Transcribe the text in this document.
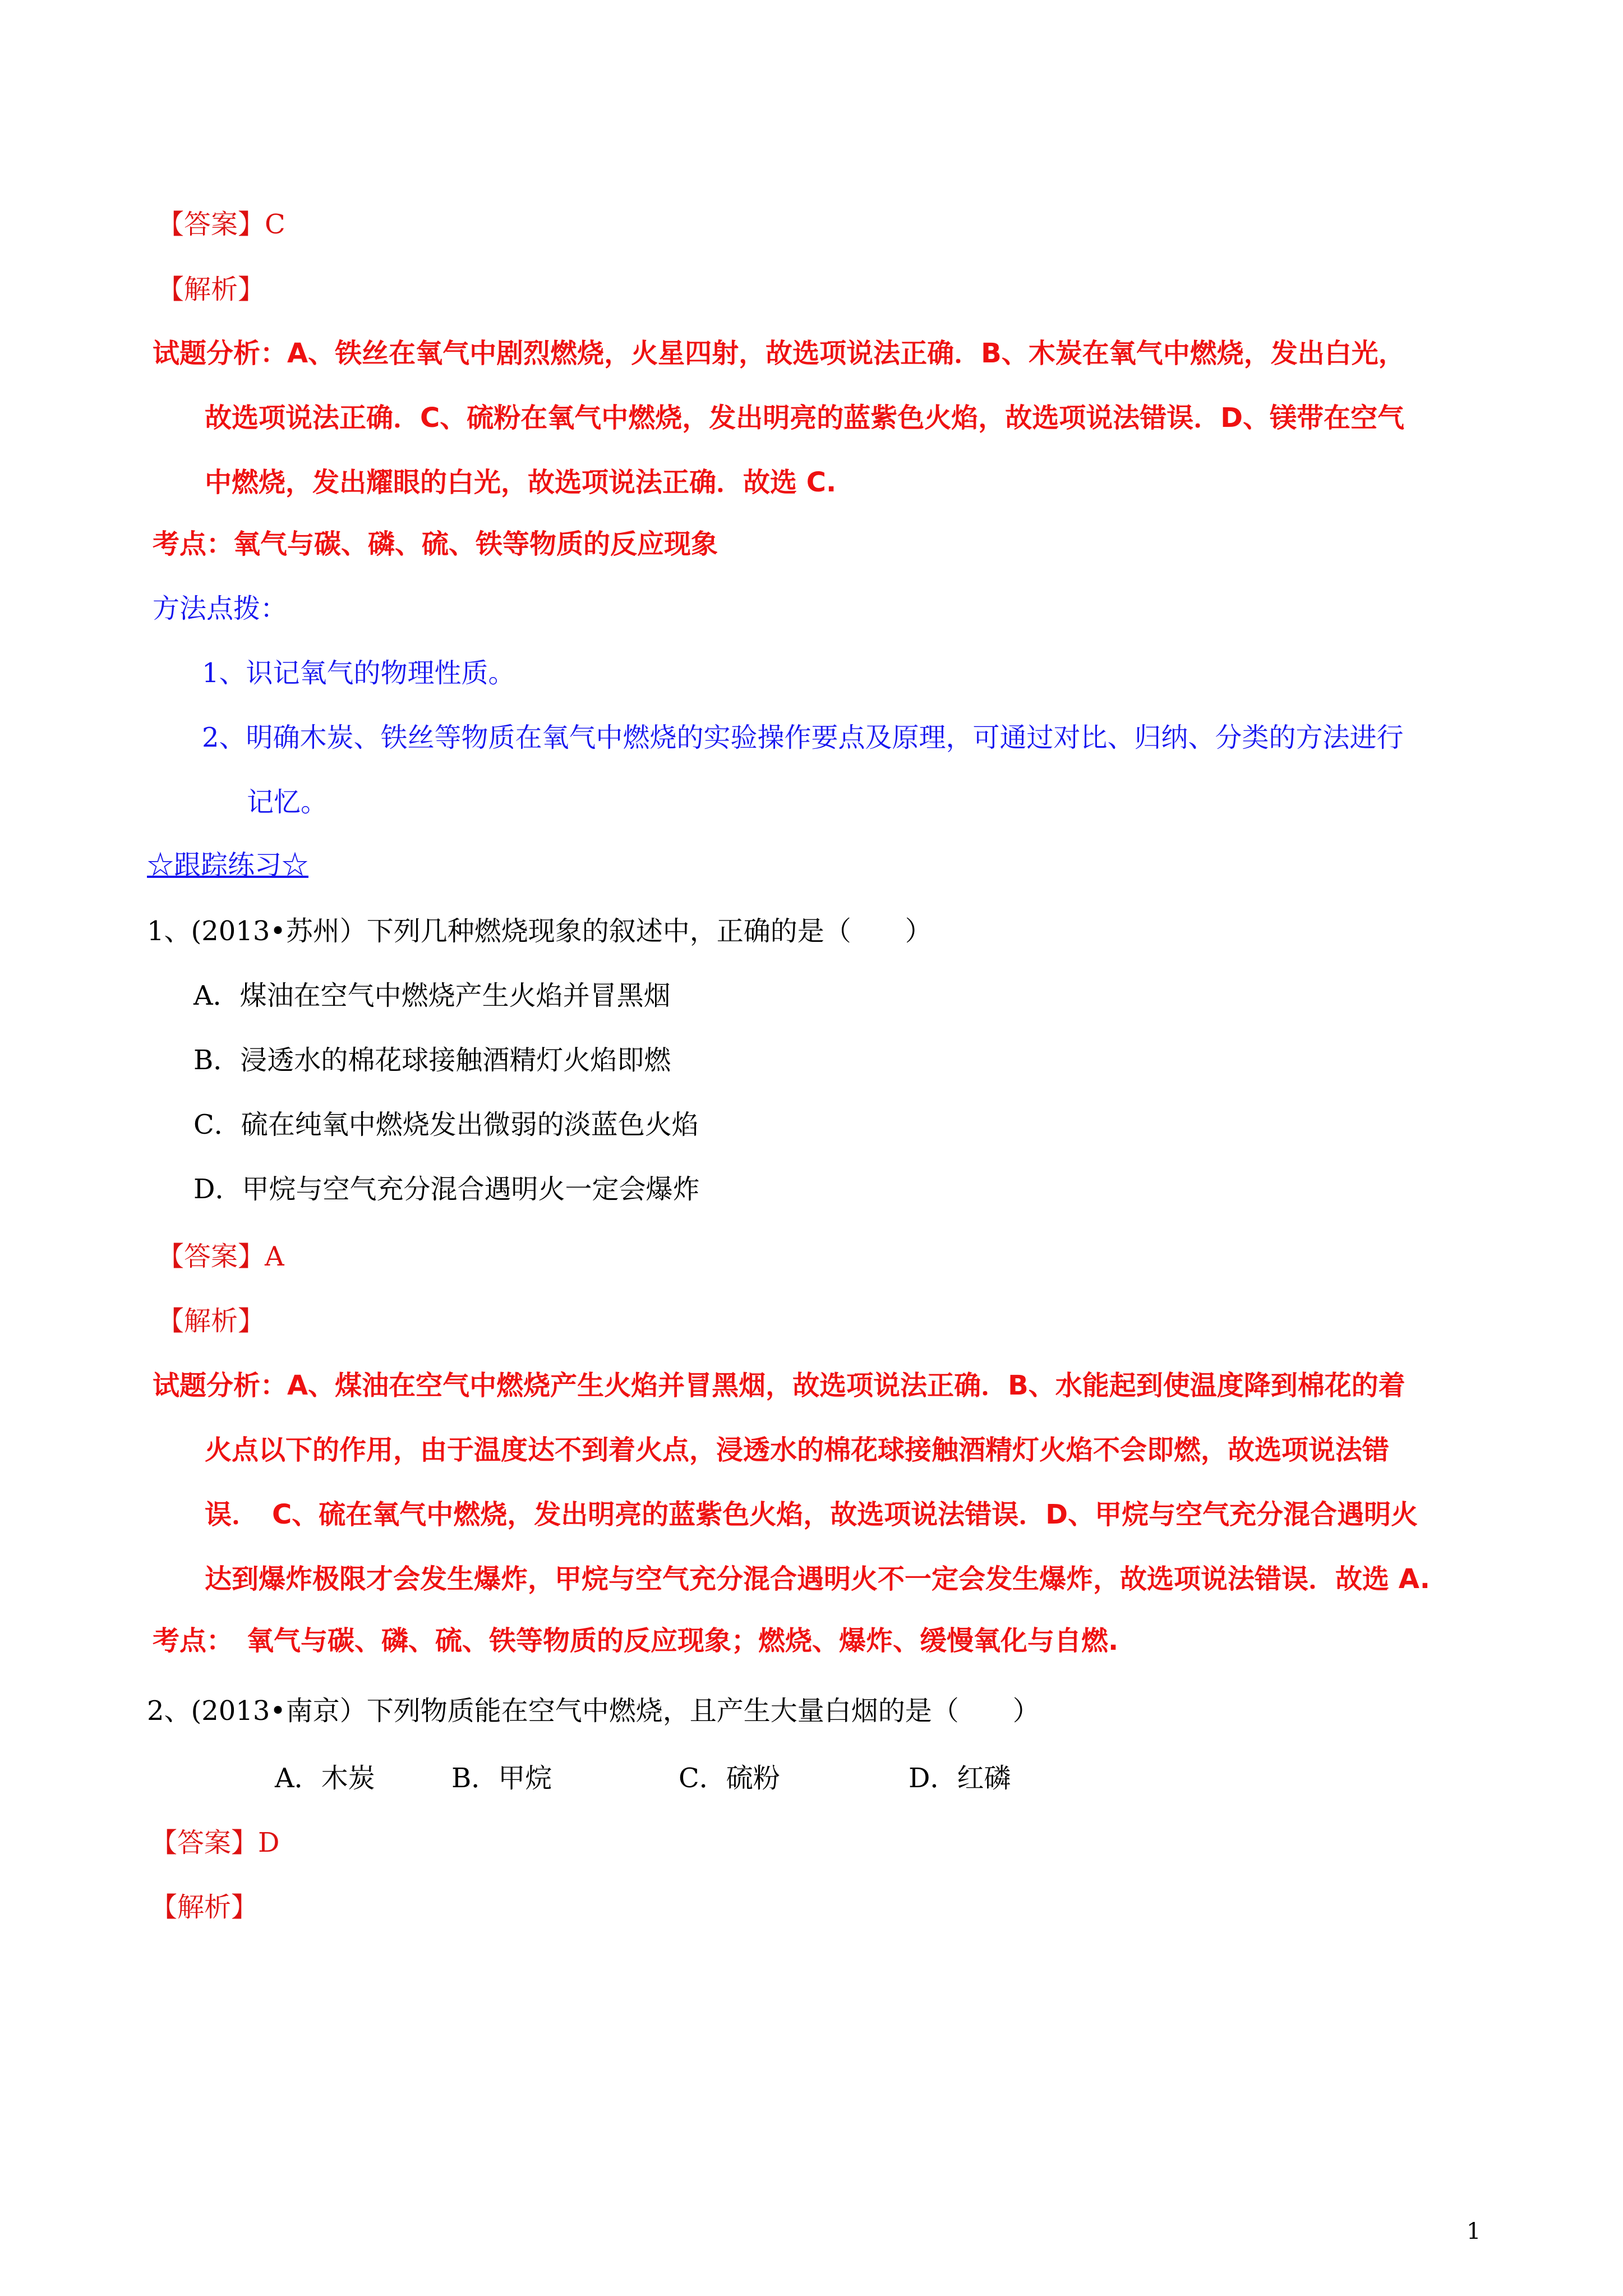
【答案】C
【解析】
试题分析：A、铁丝在氧气中剧烈燃烧，火星四射，故选项说法正确．B、木炭在氧气中燃烧，发出白光，
故选项说法正确．C、硫粉在氧气中燃烧，发出明亮的蓝紫色火焰，故选项说法错误．D、镁带在空气
中燃烧，发出耀眼的白光，故选项说法正确．故选 C.
考点：氧气与碳、磷、硫、铁等物质的反应现象
方法点拨：
1、识记氧气的物理性质。
2、明确木炭、铁丝等物质在氧气中燃烧的实验操作要点及原理，可通过对比、归纳、分类的方法进行
记忆。
☆跟踪练习☆
1、(2013•苏州）下列几种燃烧现象的叙述中，正确的是（　　）
A．煤油在空气中燃烧产生火焰并冒黑烟
B．浸透水的棉花球接触酒精灯火焰即燃
C．硫在纯氧中燃烧发出微弱的淡蓝色火焰
D．甲烷与空气充分混合遇明火一定会爆炸
【答案】A
【解析】
试题分析：A、煤油在空气中燃烧产生火焰并冒黑烟，故选项说法正确．B、水能起到使温度降到棉花的着
火点以下的作用，由于温度达不到着火点，浸透水的棉花球接触酒精灯火焰不会即燃，故选项说法错
误．　C、硫在氧气中燃烧，发出明亮的蓝紫色火焰，故选项说法错误．D、甲烷与空气充分混合遇明火
达到爆炸极限才会发生爆炸，甲烷与空气充分混合遇明火不一定会发生爆炸，故选项说法错误．故选 A.
考点：　氧气与碳、磷、硫、铁等物质的反应现象；燃烧、爆炸、缓慢氧化与自燃.
2、(2013•南京）下列物质能在空气中燃烧，且产生大量白烟的是（　　）
A．木炭	B．甲烷	C．硫粉	D．红磷
【答案】D
【解析】
1
